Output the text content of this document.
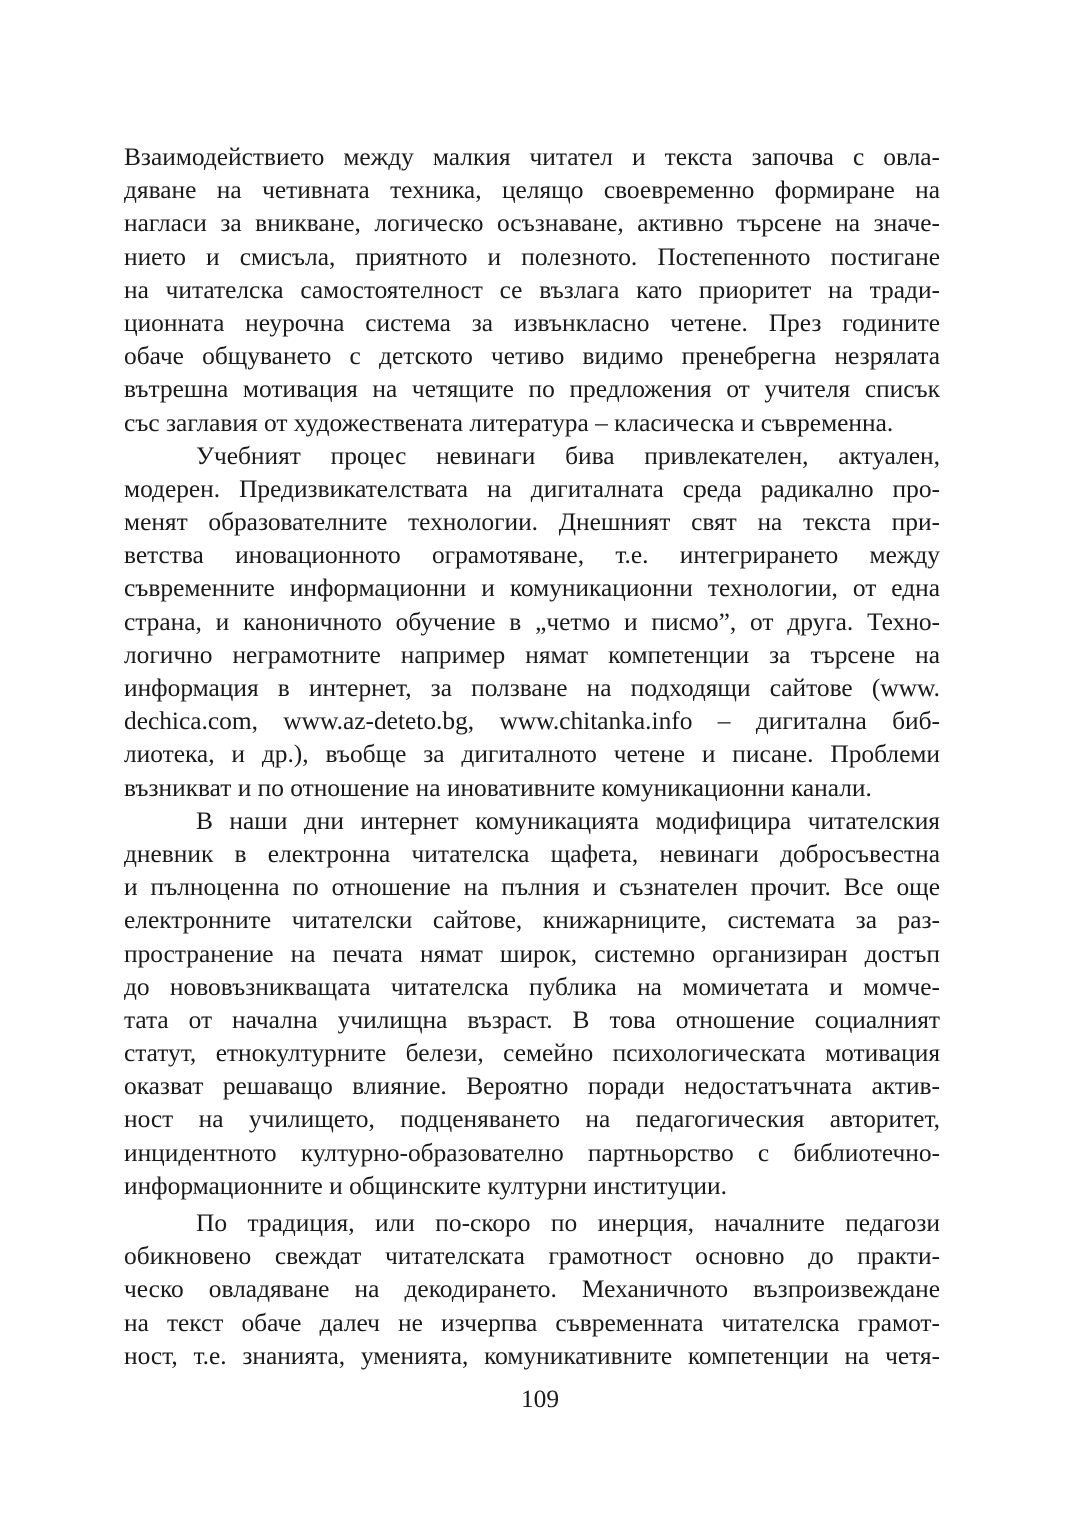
Взаимодействието между малкия читател и текста започва с овла-
дяване на четивната техника, целящо своевременно формиране на
нагласи за вникване, логическо осъзнаване, активно търсене на значе-
нието и смисъла, приятното и полезното. Постепенното постигане
на читателска самостоятелност се възлага като приоритет на тради-
ционната неурочна система за извънкласно четене. През годините
обаче общуването с детското четиво видимо пренебрегна незрялата
вътрешна мотивация на четящите по предложения от учителя списък
със заглавия от художествената литература – класическа и съвременна.
Учебният процес невинаги бива привлекателен, актуален,
модерен. Предизвикателствата на дигиталната среда радикално про-
менят образователните технологии. Днешният свят на текста при-
ветства иновационното ограмотяване, т.е. интегрирането между
съвременните информационни и комуникационни технологии, от една
страна, и каноничното обучение в „четмо и писмо”, от друга. Техно-
логично неграмотните например нямат компетенции за търсене на
информация в интернет, за ползване на подходящи сайтове (www.
dechica.com, www.az-deteto.bg, www.chitanka.info – дигитална биб-
лиотека, и др.), въобще за дигиталното четене и писане. Проблеми
възникват и по отношение на иновативните комуникационни канали.
В наши дни интернет комуникацията модифицира читателския
дневник в електронна читателска щафета, невинаги добросъвестна
и пълноценна по отношение на пълния и съзнателен прочит. Все още
електронните читателски сайтове, книжарниците, системата за раз-
пространение на печата нямат широк, системно организиран достъп
до нововъзникващата читателска публика на момичетата и момче-
тата от начална училищна възраст. В това отношение социалният
статут, етнокултурните белези, семейно психологическата мотивация
оказват решаващо влияние. Вероятно поради недостатъчната актив-
ност на училището, подценяването на педагогическия авторитет,
инцидентното културно-образователно партньорство с библиотечно-
информационните и общинските културни институции.
По традиция, или по-скоро по инерция, началните педагози
обикновено свеждат читателската грамотност основно до практи-
ческо овладяване на декодирането. Механичното възпроизвеждане
на текст обаче далеч не изчерпва съвременната читателска грамот-
ност, т.е. знанията, уменията, комуникативните компетенции на четя-
109
